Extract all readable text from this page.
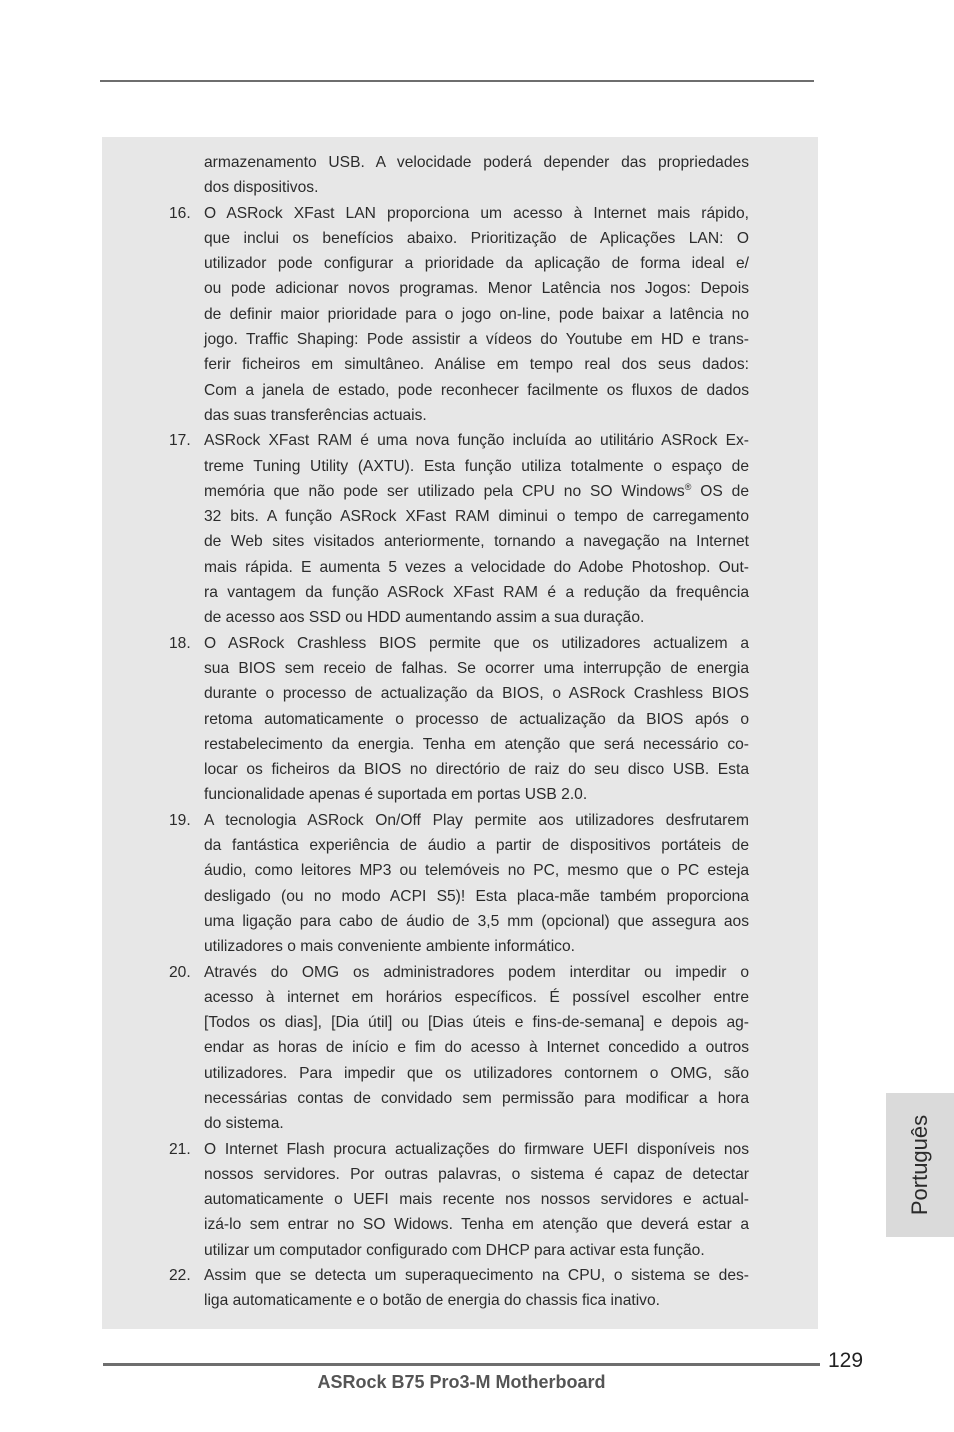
armazenamento USB. A velocidade poderá depender das propriedades
dos dispositivos.
16. O ASRock XFast LAN proporciona um acesso à Internet mais rápido,
que inclui os benefícios abaixo. Prioritização de Aplicações LAN: O
utilizador pode configurar a prioridade da aplicação de forma ideal e/
ou pode adicionar novos programas. Menor Latência nos Jogos: Depois
de definir maior prioridade para o jogo on-line, pode baixar a latência no
jogo. Traffic Shaping: Pode assistir a vídeos do Youtube em HD e trans-
ferir ficheiros em simultâneo. Análise em tempo real dos seus dados:
Com a janela de estado, pode reconhecer facilmente os fluxos de dados
das suas transferências actuais.
17. ASRock XFast RAM é uma nova função incluída ao utilitário ASRock Ex-
treme Tuning Utility (AXTU). Esta função utiliza totalmente o espaço de
memória que não pode ser utilizado pela CPU no SO Windows® OS de
32 bits. A função ASRock XFast RAM diminui o tempo de carregamento
de Web sites visitados anteriormente, tornando a navegação na Internet
mais rápida. E aumenta 5 vezes a velocidade do Adobe Photoshop. Out-
ra vantagem da função ASRock XFast RAM é a redução da frequência
de acesso aos SSD ou HDD aumentando assim a sua duração.
18. O ASRock Crashless BIOS permite que os utilizadores actualizem a
sua BIOS sem receio de falhas. Se ocorrer uma interrupção de energia
durante o processo de actualização da BIOS, o ASRock Crashless BIOS
retoma automaticamente o processo de actualização da BIOS após o
restabelecimento da energia. Tenha em atenção que será necessário co-
locar os ficheiros da BIOS no directório de raiz do seu disco USB. Esta
funcionalidade apenas é suportada em portas USB 2.0.
19. A tecnologia ASRock On/Off Play permite aos utilizadores desfrutarem
da fantástica experiência de áudio a partir de dispositivos portáteis de
áudio, como leitores MP3 ou telemóveis no PC, mesmo que o PC esteja
desligado (ou no modo ACPI S5)! Esta placa-mãe também proporciona
uma ligação para cabo de áudio de 3,5 mm (opcional) que assegura aos
utilizadores o mais conveniente ambiente informático.
20. Através do OMG os administradores podem interditar ou impedir o
acesso à internet em horários específicos. É possível escolher entre
[Todos os dias], [Dia útil] ou [Dias úteis e fins-de-semana] e depois ag-
endar as horas de início e fim do acesso à Internet concedido a outros
utilizadores. Para impedir que os utilizadores contornem o OMG, são
necessárias contas de convidado sem permissão para modificar a hora
do sistema.
21. O Internet Flash procura actualizações do firmware UEFI disponíveis nos
nossos servidores. Por outras palavras, o sistema é capaz de detectar
automaticamente o UEFI mais recente nos nossos servidores e actual-
izá-lo sem entrar no SO Widows. Tenha em atenção que deverá estar a
utilizar um computador configurado com DHCP para activar esta função.
22. Assim que se detecta um superaquecimento na CPU, o sistema se des-
liga automaticamente e o botão de energia do chassis fica inativo.
Português
129
ASRock B75 Pro3-M Motherboard
